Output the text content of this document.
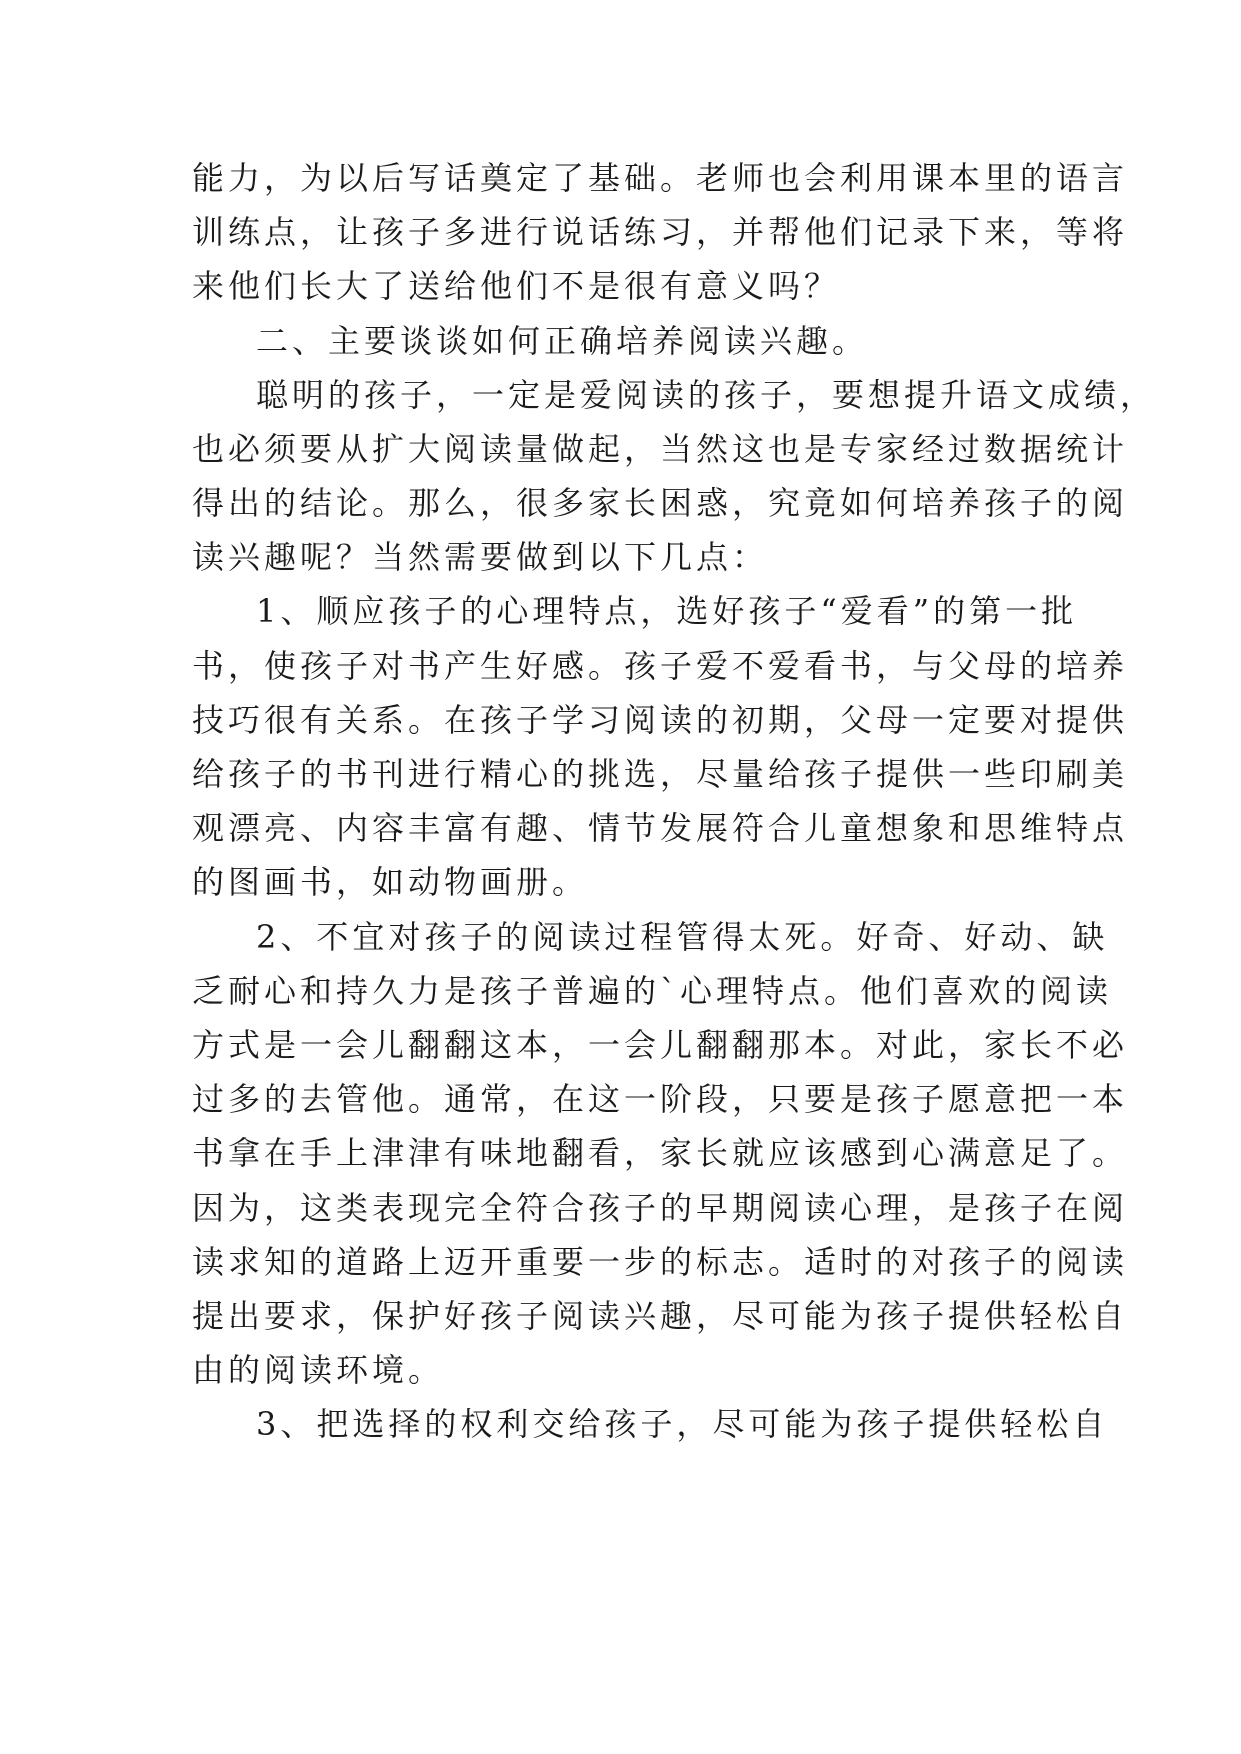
能力，为以后写话奠定了基础。老师也会利用课本里的语言
训练点，让孩子多进行说话练习，并帮他们记录下来，等将
来他们长大了送给他们不是很有意义吗？
二、主要谈谈如何正确培养阅读兴趣。
聪明的孩子，一定是爱阅读的孩子，要想提升语文成绩，
也必须要从扩大阅读量做起，当然这也是专家经过数据统计
得出的结论。那么，很多家长困惑，究竟如何培养孩子的阅
读兴趣呢？当然需要做到以下几点：
1、顺应孩子的心理特点，选好孩子“爱看”的第一批
书，使孩子对书产生好感。孩子爱不爱看书，与父母的培养
技巧很有关系。在孩子学习阅读的初期，父母一定要对提供
给孩子的书刊进行精心的挑选，尽量给孩子提供一些印刷美
观漂亮、内容丰富有趣、情节发展符合儿童想象和思维特点
的图画书，如动物画册。
2、不宜对孩子的阅读过程管得太死。好奇、好动、缺
乏耐心和持久力是孩子普遍的`心理特点。他们喜欢的阅读
方式是一会儿翻翻这本，一会儿翻翻那本。对此，家长不必
过多的去管他。通常，在这一阶段，只要是孩子愿意把一本
书拿在手上津津有味地翻看，家长就应该感到心满意足了。
因为，这类表现完全符合孩子的早期阅读心理，是孩子在阅
读求知的道路上迈开重要一步的标志。适时的对孩子的阅读
提出要求，保护好孩子阅读兴趣，尽可能为孩子提供轻松自
由的阅读环境。
3、把选择的权利交给孩子，尽可能为孩子提供轻松自
